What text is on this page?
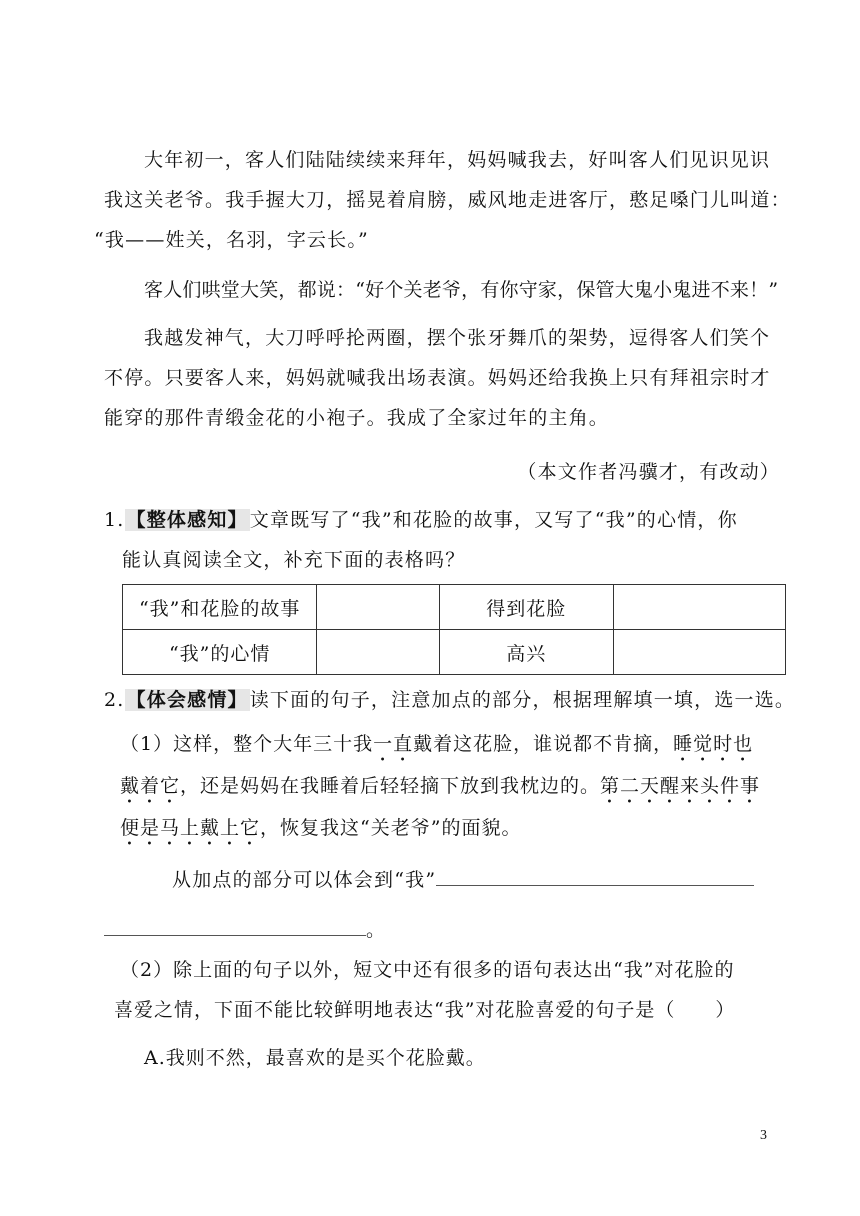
大年初一，客人们陆陆续续来拜年，妈妈喊我去，好叫客人们见识见识
我这关老爷。我手握大刀，摇晃着肩膀，威风地走进客厅，憨足嗓门儿叫道：
“我——姓关，名羽，字云长。”

客人们哄堂大笑，都说：“好个关老爷，有你守家，保管大鬼小鬼进不来！”

我越发神气，大刀呼呼抡两圈，摆个张牙舞爪的架势，逗得客人们笑个
不停。只要客人来，妈妈就喊我出场表演。妈妈还给我换上只有拜祖宗时才
能穿的那件青缎金花的小袍子。我成了全家过年的主角。

（本文作者冯骥才，有改动）

1. 【整体感知】 文章既写了“我”和花脸的故事，又写了“我”的心情，你
能认真阅读全文，补充下面的表格吗？
“我”和花脸的故事		得到花脸	
“我”的心情		高兴	
2. 【体会感情】 读下面的句子，注意加点的部分，根据理解填一填，选一选。
（1）这样，整个大年三十我一直戴着这花脸，谁说都不肯摘，睡觉时也
戴着它，还是妈妈在我睡着后轻轻摘下放到我枕边的。第二天醒来头件事
便是马上戴上它，恢复我这“关老爷”的面貌。
从加点的部分可以体会到“我”
。
（2）除上面的句子以外，短文中还有很多的语句表达出“我”对花脸的
喜爱之情，下面不能比较鲜明地表达“我”对花脸喜爱的句子是（　　）
A.我则不然，最喜欢的是买个花脸戴。
3
